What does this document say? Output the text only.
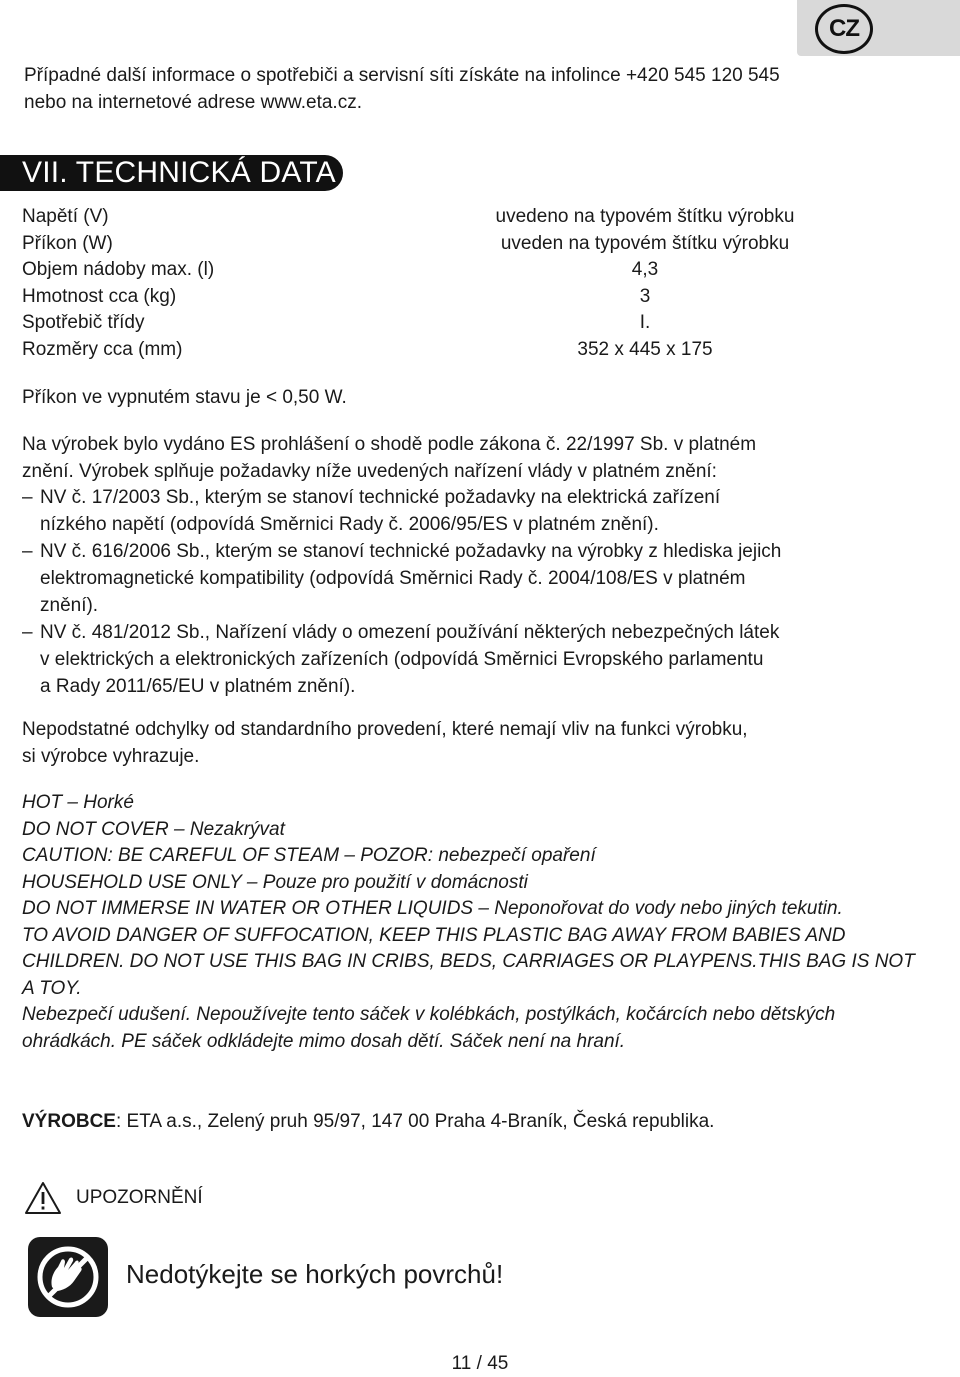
CZ
Případné další informace o spotřebiči a servisní síti získáte na infolince +420 545 120 545
nebo na internetové adrese www.eta.cz.
VII. TECHNICKÁ DATA
Napětí (V)	uvedeno na typovém štítku výrobku
Příkon (W)	uveden na typovém štítku výrobku
Objem nádoby max. (l)	4,3
Hmotnost cca (kg)	3
Spotřebič třídy	I.
Rozměry cca (mm)	352 x 445 x 175
Příkon ve vypnutém stavu je < 0,50 W.
Na výrobek bylo vydáno ES prohlášení o shodě podle zákona č. 22/1997 Sb. v platném
znění. Výrobek splňuje požadavky níže uvedených nařízení vlády v platném znění:
– NV č. 17/2003 Sb., kterým se stanoví technické požadavky na elektrická zařízení
nízkého napětí (odpovídá Směrnici Rady č. 2006/95/ES v platném znění).
– NV č. 616/2006 Sb., kterým se stanoví technické požadavky na výrobky z hlediska jejich
elektromagnetické kompatibility (odpovídá Směrnici Rady č. 2004/108/ES v platném
znění).
– NV č. 481/2012 Sb., Nařízení vlády o omezení používání některých nebezpečných látek
v elektrických a elektronických zařízeních (odpovídá Směrnici Evropského parlamentu
a Rady 2011/65/EU v platném znění).
Nepodstatné odchylky od standardního provedení, které nemají vliv na funkci výrobku,
si výrobce vyhrazuje.

HOT – Horké

DO NOT COVER – Nezakrývat

CAUTION: BE CAREFUL OF STEAM – POZOR: nebezpečí opaření

HOUSEHOLD USE ONLY – Pouze pro použití v domácnosti

DO NOT IMMERSE IN WATER OR OTHER LIQUIDS – Neponořovat do vody nebo jiných tekutin.

TO AVOID DANGER OF SUFFOCATION, KEEP THIS PLASTIC BAG AWAY FROM BABIES AND CHILDREN. DO NOT USE THIS BAG IN CRIBS, BEDS, CARRIAGES OR PLAYPENS.THIS BAG IS NOT A TOY.

Nebezpečí udušení. Nepoužívejte tento sáček v kolébkách, postýlkách, kočárcích nebo dětských ohrádkách. PE sáček odkládejte mimo dosah dětí. Sáček není na hraní.

VÝROBCE: ETA a.s., Zelený pruh 95/97, 147 00 Praha 4-Braník, Česká republika.
UPOZORNĚNÍ
Nedotýkejte se horkých povrchů!
11 / 45
